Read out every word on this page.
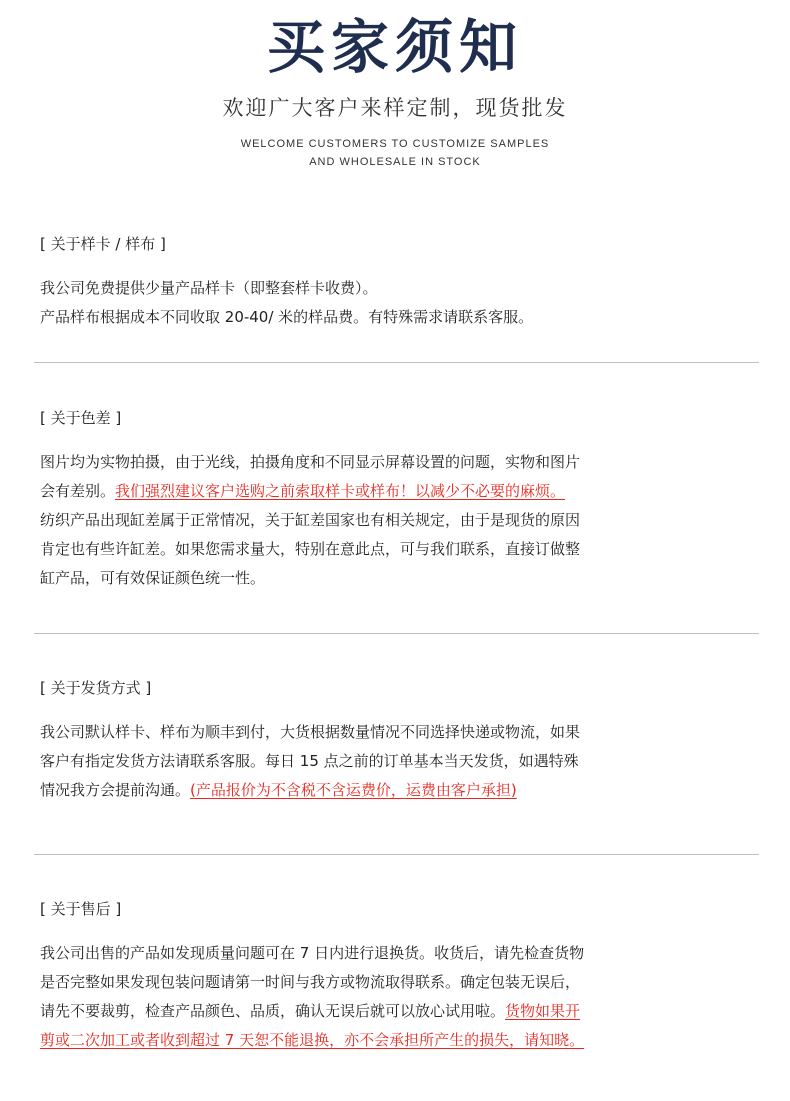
买家须知
欢迎广大客户来样定制，现货批发
WELCOME CUSTOMERS TO CUSTOMIZE SAMPLES
AND WHOLESALE IN STOCK
[ 关于样卡 / 样布 ]
我公司免费提供少量产品样卡（即整套样卡收费）。
产品样布根据成本不同收取 20-40/ 米的样品费。有特殊需求请联系客服。
[ 关于色差 ]
图片均为实物拍摄，由于光线，拍摄角度和不同显示屏幕设置的问题，实物和图片
会有差别。我们强烈建议客户选购之前索取样卡或样布！以减少不必要的麻烦。
纺织产品出现缸差属于正常情况，关于缸差国家也有相关规定，由于是现货的原因
肯定也有些许缸差。如果您需求量大，特别在意此点，可与我们联系，直接订做整
缸产品，可有效保证颜色统一性。
[ 关于发货方式 ]
我公司默认样卡、样布为顺丰到付，大货根据数量情况不同选择快递或物流，如果
客户有指定发货方法请联系客服。每日 15 点之前的订单基本当天发货，如遇特殊
情况我方会提前沟通。(产品报价为不含税不含运费价，运费由客户承担)
[ 关于售后 ]
我公司出售的产品如发现质量问题可在 7 日内进行退换货。收货后，请先检查货物
是否完整如果发现包装问题请第一时间与我方或物流取得联系。确定包装无误后，
请先不要裁剪，检查产品颜色、品质，确认无误后就可以放心试用啦。货物如果开
剪或二次加工或者收到超过 7 天恕不能退换，亦不会承担所产生的损失，请知晓。
